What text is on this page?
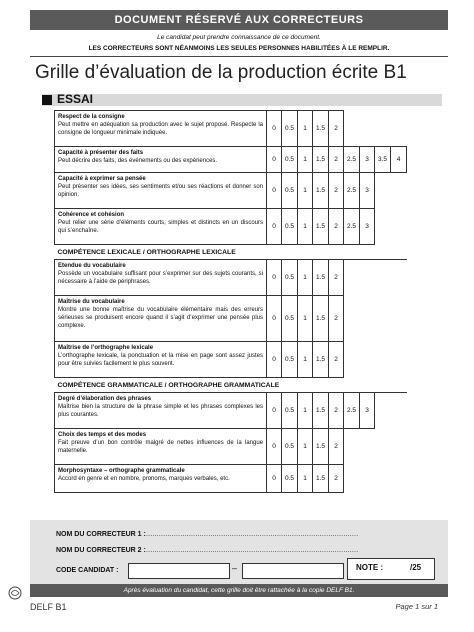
DOCUMENT RÉSERVÉ AUX CORRECTEURS
Le candidat peut prendre connaissance de ce document.
LES CORRECTEURS SONT NÉANMOINS LES SEULES PERSONNES HABILITÉES À LE REMPLIR.
Grille d’évaluation de la production écrite B1
ESSAI
Respect de la consigne
Peut mettre en adéquation sa production avec le sujet proposé. Respecte la consigne de longueur minimale indiquée.	0	0.5	1	1.5	2				

Capacité à présenter des faits
Peut décrire des faits, des événements ou des expériences.	0	0.5	1	1.5	2	2.5	3	3.5	4

Capacité à exprimer sa pensée
Peut présenter ses idées, ses sentiments et/ou ses réactions et donner son opinion.	0	0.5	1	1.5	2	2.5	3		

Cohérence et cohésion
Peut relier une série d’éléments courts, simples et distincts en un discours qui s’enchaîne.	0	0.5	1	1.5	2	2.5	3		
COMPÉTENCE LEXICALE / ORTHOGRAPHE LEXICALE									

Etendue du vocabulaire
Possède un vocabulaire suffisant pour s’exprimer sur des sujets courants, si nécessaire à l’aide de périphrases.	0	0.5	1	1.5	2				

Maîtrise du vocabulaire
Montre une bonne maîtrise du vocabulaire élémentaire mais des erreurs sérieuses se produisent encore quand il s’agit d’exprimer une pensée plus complexe.	0	0.5	1	1.5	2				

Maîtrise de l’orthographe lexicale
L’orthographe lexicale, la ponctuation et la mise en page sont assez justes pour être suivies facilement le plus souvent.	0	0.5	1	1.5	2				
COMPÉTENCE GRAMMATICALE / ORTHOGRAPHE GRAMMATICALE									

Degré d’élaboration des phrases
Maîtrise bien la structure de la phrase simple et les phrases complexes les plus courantes.	0	0.5	1	1.5	2	2.5	3		

Choix des temps et des modes
Fait preuve d’un bon contrôle malgré de nettes influences de la langue maternelle.	0	0.5	1	1.5	2				

Morphosyntaxe – orthographe grammaticale
Accord en genre et en nombre, pronoms, marques verbales, etc.	0	0.5	1	1.5	2				
NOM DU CORRECTEUR 1 : ...................................................................................................
NOM DU CORRECTEUR 2 : ...................................................................................................
CODE CANDIDAT :	–	NOTE :	/25
Après évaluation du candidat, cette grille doit être rattachée à la copie DELF B1.
DELF B1	Page 1 sur 1
